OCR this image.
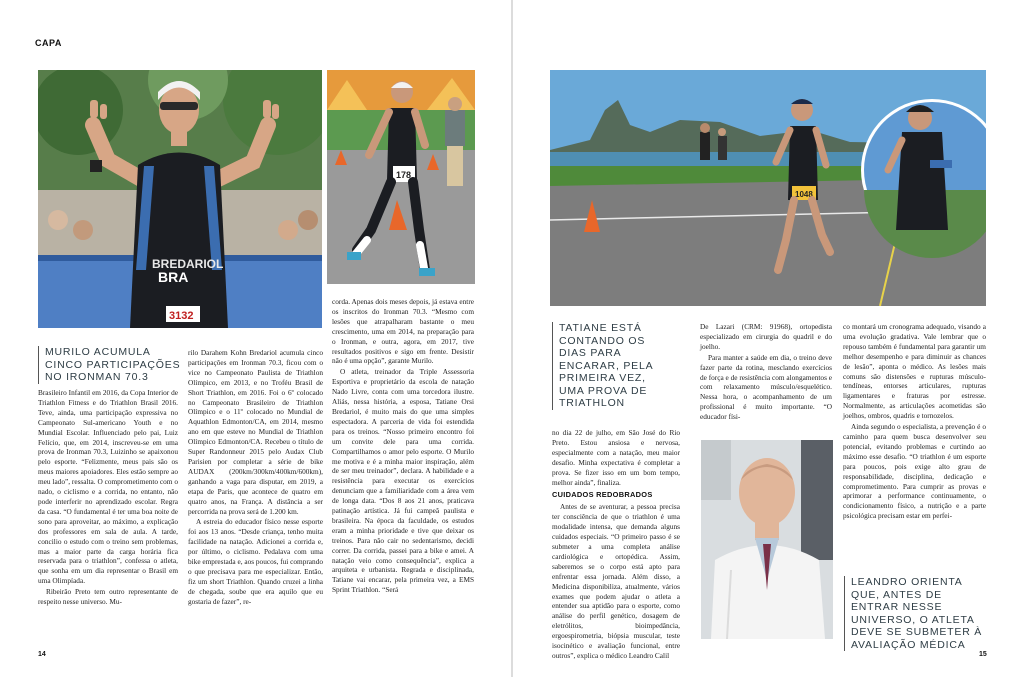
CAPA
BREDARIOL
BRA
3132
178
MURILO ACUMULA CINCO PARTICIPAÇÕES NO IRONMAN 70.3

Brasileiro Infantil em 2016, da Copa Interior de Triathlon Fitness e do Triathlon Brasil 2016. Teve, ainda, uma participação expressiva no Campeonato Sul-americano Youth e no Mundial Escolar. Influenciado pelo pai, Luiz Felício, que, em 2014, inscreveu-se em uma prova de Ironman 70.3, Luizinho se apaixonou pelo esporte. “Felizmente, meus pais são os meus maiores apoiadores. Eles estão sempre ao meu lado”, ressalta. O comprometimento com o nado, o ciclismo e a corrida, no entanto, não pode interferir no aprendizado escolar. Regra da casa. “O fundamental é ter uma boa noite de sono para aproveitar, ao máximo, a explicação dos professores em sala de aula. A tarde, concilio o estudo com o treino sem problemas, mas a maior parte da carga horária fica reservada para o triathlon”, confessa o atleta, que sonha em um dia representar o Brasil em uma Olimpíada.

Ribeirão Preto tem outro representante de respeito nesse universo. Mu-

rilo Darahem Kohn Bredariol acumula cinco participações em Ironman 70.3, ficou com o vice no Campeonato Paulista de Triathlon Olímpico, em 2013, e no Troféu Brasil de Short Triathlon, em 2016. Foi o 6º colocado no Campeonato Brasileiro de Triathlon Olímpico e o 11º colocado no Mundial de Aquathlon Edmonton/CA, em 2014, mesmo ano em que esteve no Mundial de Triathlon Olímpico Edmonton/CA. Recebeu o título de Super Randonneur 2015 pelo Audax Club Parisien por completar a série de bike AUDAX (200km/300km/400km/600km), ganhando a vaga para disputar, em 2019, a etapa de Paris, que acontece de quatro em quatro anos, na França. A distância a ser percorrida na prova será de 1.200 km.

A estreia do educador físico nesse esporte foi aos 13 anos. “Desde criança, tenho muita facilidade na natação. Adicionei a corrida e, por último, o ciclismo. Pedalava com uma bike emprestada e, aos poucos, fui comprando o que precisava para me especializar. Então, fiz um short Triathlon. Quando cruzei a linha de chegada, soube que era aquilo que eu gostaria de fazer”, re-

corda. Apenas dois meses depois, já estava entre os inscritos do Ironman 70.3. “Mesmo com lesões que atrapalharam bastante o meu crescimento, uma em 2014, na preparação para o Ironman, e outra, agora, em 2017, tive resultados positivos e sigo em frente. Desistir não é uma opção”, garante Murilo.

O atleta, treinador da Triple Assessoria Esportiva e proprietário da escola de natação Nado Livre, conta com uma torcedora ilustre. Aliás, nessa história, a esposa, Tatiane Orsi Bredariol, é muito mais do que uma simples espectadora. A parceria de vida foi estendida para os treinos. “Nosso primeiro encontro foi um convite dele para uma corrida. Compartilhamos o amor pelo esporte. O Murilo me motiva e é a minha maior inspiração, além de ser meu treinador”, declara. A habilidade e a resistência para executar os exercícios denunciam que a familiaridade com a área vem de longa data. “Dos 8 aos 21 anos, praticava patinação artística. Já fui campeã paulista e brasileira. Na época da faculdade, os estudos eram a minha prioridade e tive que deixar os treinos. Para não cair no sedentarismo, decidi correr. Da corrida, passei para a bike e amei. A natação veio como consequência”, explica a arquiteta e urbanista. Regrada e disciplinada, Tatiane vai encarar, pela primeira vez, a EMS Sprint Triathlon. “Será

14
1048
TATIANE ESTÁ CONTANDO OS DIAS PARA ENCARAR, PELA PRIMEIRA VEZ, UMA PROVA DE TRIATHLON

no dia 22 de julho, em São José do Rio Preto. Estou ansiosa e nervosa, especialmente com a natação, meu maior desafio. Minha expectativa é completar a prova. Se fizer isso em um bom tempo, melhor ainda”, finaliza.

CUIDADOS REDOBRADOS

Antes de se aventurar, a pessoa precisa ter consciência de que o triathlon é uma modalidade intensa, que demanda alguns cuidados especiais. “O primeiro passo é se submeter a uma completa análise cardiológica e ortopédica. Assim, saberemos se o corpo está apto para enfrentar essa jornada. Além disso, a Medicina disponibiliza, atualmente, vários exames que podem ajudar o atleta a entender sua aptidão para o esporte, como análise do perfil genético, dosagem de eletrólitos, bioimpedância, ergoespirometria, biópsia muscular, teste isocinético e avaliação funcional, entre outros”, explica o médico Leandro Calil

De Lazari (CRM: 91968), ortopedista especializado em cirurgia do quadril e do joelho.

Para manter a saúde em dia, o treino deve fazer parte da rotina, mesclando exercícios de força e de resistência com alongamentos e com relaxamento músculo/esquelético. Nessa hora, o acompanhamento de um profissional é muito importante. “O educador físi-

co montará um cronograma adequado, visando a uma evolução gradativa. Vale lembrar que o repouso também é fundamental para garantir um melhor desempenho e para diminuir as chances de lesão”, aponta o médico. As lesões mais comuns são distensões e rupturas músculo-tendíneas, entorses articulares, rupturas ligamentares e fraturas por estresse. Normalmente, as articulações acometidas são joelhos, ombros, quadris e tornozelos.

Ainda segundo o especialista, a prevenção é o caminho para quem busca desenvolver seu potencial, evitando problemas e curtindo ao máximo esse desafio. “O triathlon é um esporte para poucos, pois exige alto grau de responsabilidade, disciplina, dedicação e comprometimento. Para cumprir as provas e aprimorar a performance continuamente, o condicionamento físico, a nutrição e a parte psicológica precisam estar em perfei-

LEANDRO ORIENTA QUE, ANTES DE ENTRAR NESSE UNIVERSO, O ATLETA DEVE SE SUBMETER À AVALIAÇÃO MÉDICA
15
